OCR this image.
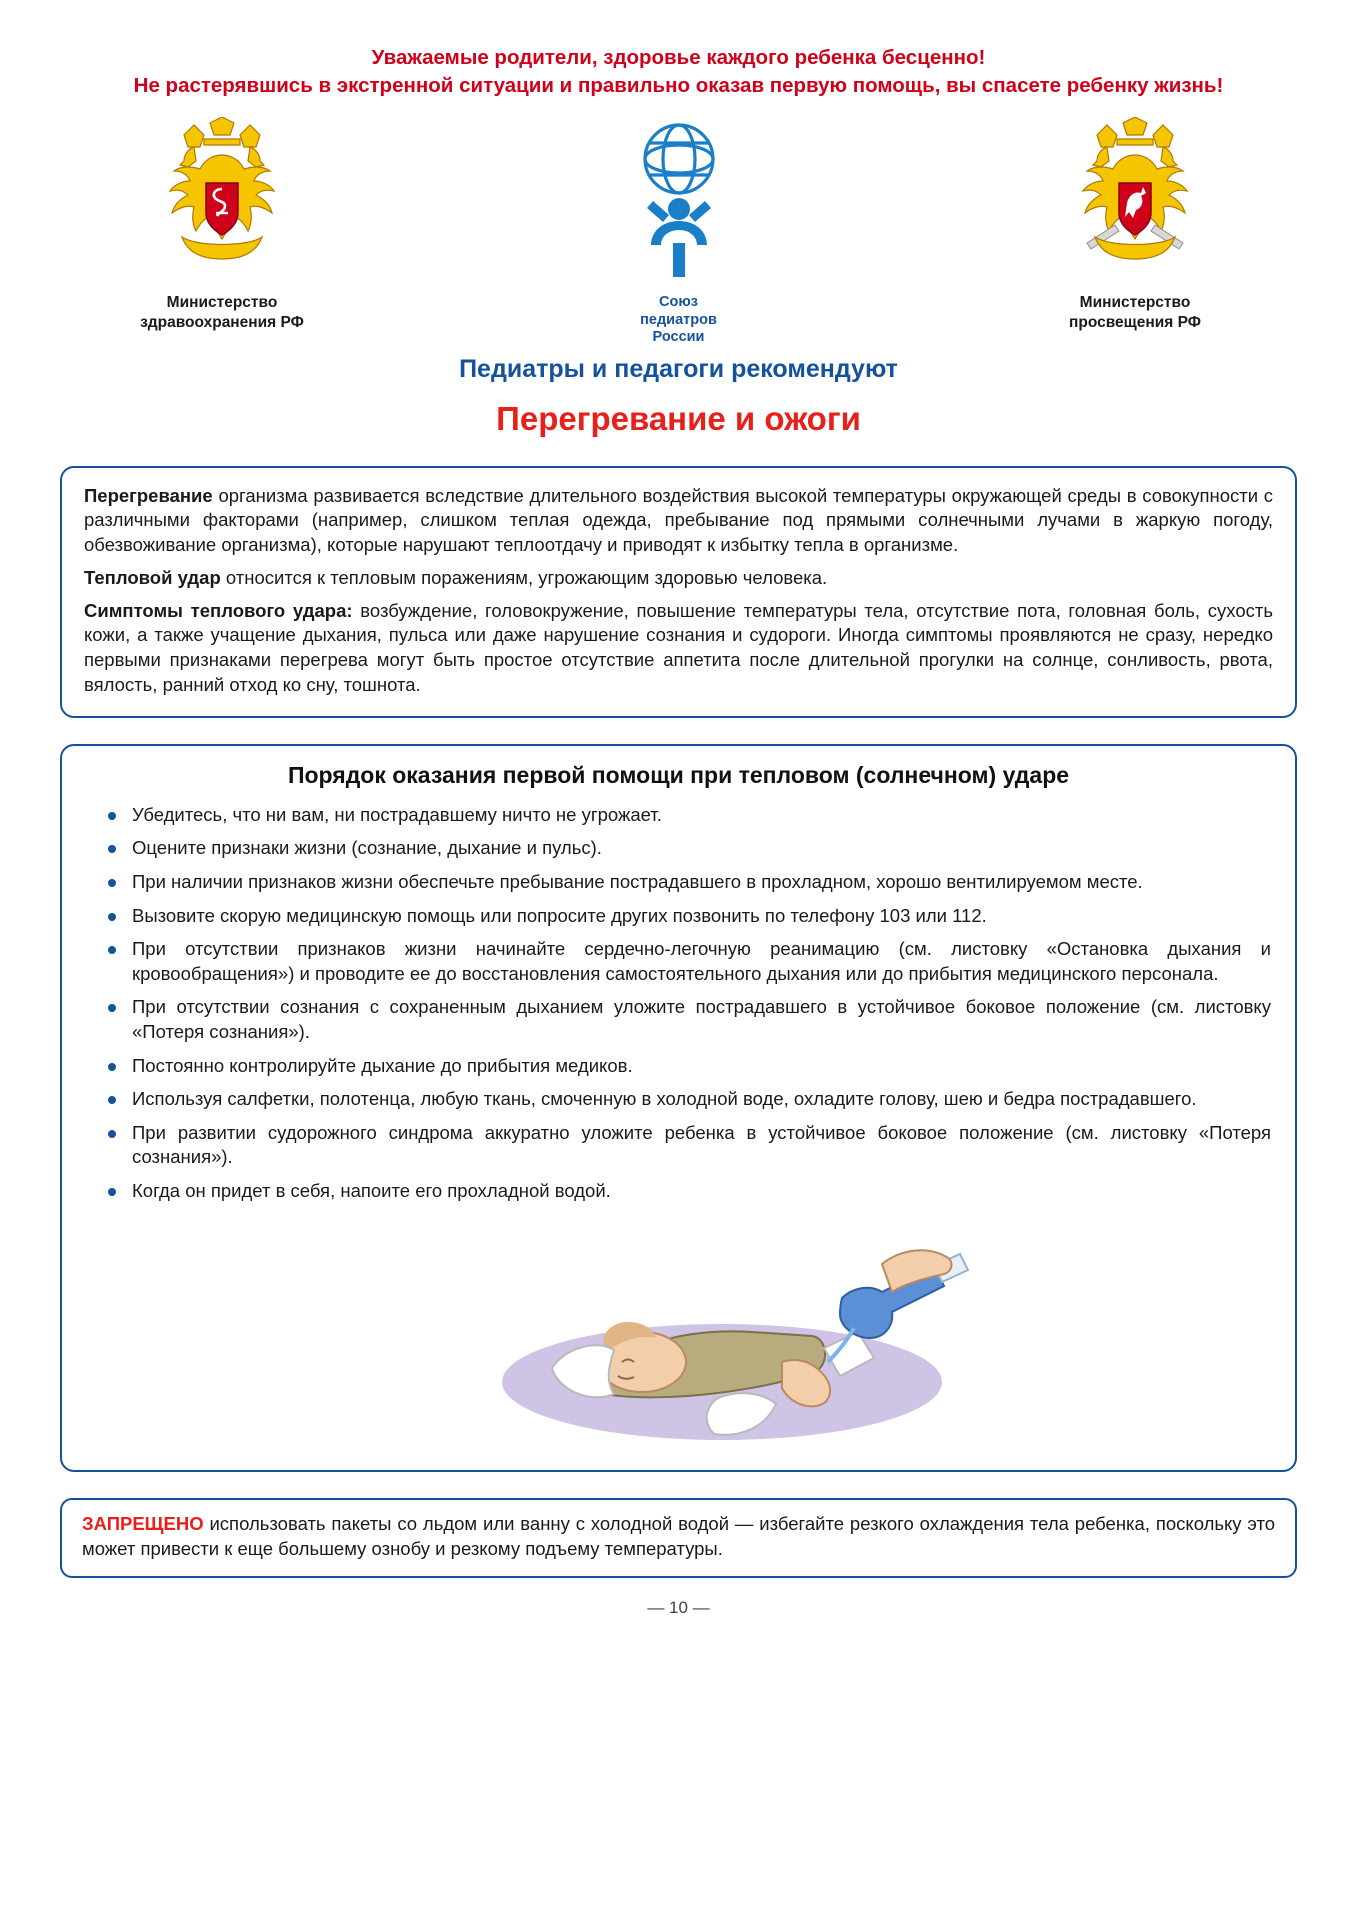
Уважаемые родители, здоровье каждого ребенка бесценно!
Не растерявшись в экстренной ситуации и правильно оказав первую помощь, вы спасете ребенку жизнь!
Министерство
здравоохранения РФ
Союз
педиатров
России
Министерство
просвещения РФ
Педиатры и педагоги рекомендуют
Перегревание и ожоги

Перегревание организма развивается вследствие длительного воздействия высокой температуры окружающей среды в совокупности с различными факторами (например, слишком теплая одежда, пребывание под прямыми солнечными лучами в жаркую погоду, обезвоживание организма), которые нарушают теплоотдачу и приводят к избытку тепла в организме.

Тепловой удар относится к тепловым поражениям, угрожающим здоровью человека.

Симптомы теплового удара: возбуждение, головокружение, повышение температуры тела, отсутствие пота, головная боль, сухость кожи, а также учащение дыхания, пульса или даже нарушение сознания и судороги. Иногда симптомы проявляются не сразу, нередко первыми признаками перегрева могут быть простое отсутствие аппетита после длительной прогулки на солнце, сонливость, рвота, вялость, ранний отход ко сну, тошнота.

Порядок оказания первой помощи при тепловом (солнечном) ударе
Убедитесь, что ни вам, ни пострадавшему ничто не угрожает.
Оцените признаки жизни (сознание, дыхание и пульс).
При наличии признаков жизни обеспечьте пребывание пострадавшего в прохладном, хорошо вентилируемом месте.
Вызовите скорую медицинскую помощь или попросите других позвонить по телефону 103 или 112.
При отсутствии признаков жизни начинайте сердечно-легочную реанимацию (см. листовку «Остановка дыхания и кровообращения») и проводите ее до восстановления самостоятельного дыхания или до прибытия медицинского персонала.
При отсутствии сознания с сохраненным дыханием уложите пострадавшего в устойчивое боковое положение (см. листовку «Потеря сознания»).
Постоянно контролируйте дыхание до прибытия медиков.
Используя салфетки, полотенца, любую ткань, смоченную в холодной воде, охладите голову, шею и бедра пострадавшего.
При развитии судорожного синдрома аккуратно уложите ребенка в устойчивое боковое положение (см. листовку «Потеря сознания»).
Когда он придет в себя, напоите его прохладной водой.

ЗАПРЕЩЕНО использовать пакеты со льдом или ванну с холодной водой — избегайте резкого охлаждения тела ребенка, поскольку это может привести к еще большему ознобу и резкому подъему температуры.

— 10 —
